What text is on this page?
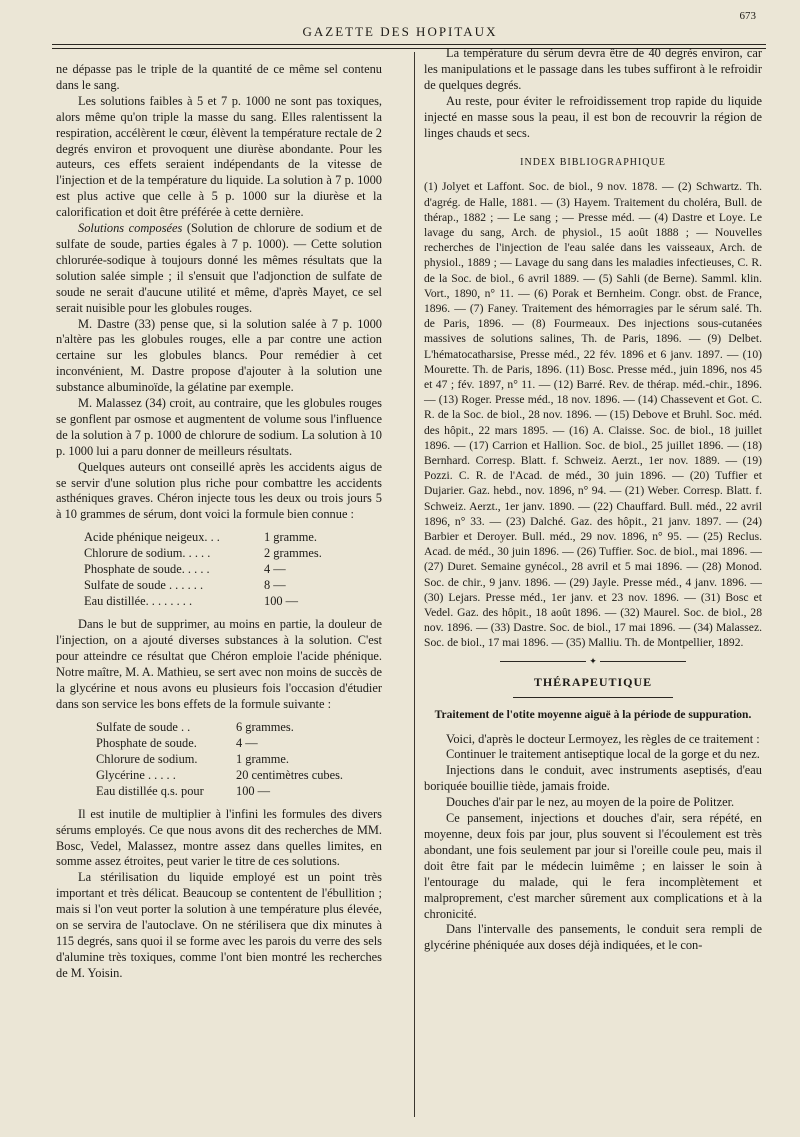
GAZETTE DES HOPITAUX
673

ne dépasse pas le triple de la quantité de ce même sel contenu dans le sang.

Les solutions faibles à 5 et 7 p. 1000 ne sont pas toxiques, alors même qu'on triple la masse du sang. Elles ralentissent la respiration, accélèrent le cœur, élèvent la température rectale de 2 degrés environ et provoquent une diurèse abondante. Pour les auteurs, ces effets seraient indépendants de la vitesse de l'injection et de la température du liquide. La solution à 7 p. 1000 est plus active que celle à 5 p. 1000 sur la diurèse et la calorification et doit être préférée à cette dernière.

Solutions composées (Solution de chlorure de sodium et de sulfate de soude, parties égales à 7 p. 1000). — Cette solution chlorurée-sodique à toujours donné les mêmes résultats que la solution salée simple ; il s'ensuit que l'adjonction de sulfate de soude ne serait d'aucune utilité et même, d'après Mayet, ce sel serait nuisible pour les globules rouges.

M. Dastre (33) pense que, si la solution salée à 7 p. 1000 n'altère pas les globules rouges, elle a par contre une action certaine sur les globules blancs. Pour remédier à cet inconvénient, M. Dastre propose d'ajouter à la solution une substance albuminoïde, la gélatine par exemple.

M. Malassez (34) croit, au contraire, que les globules rouges se gonflent par osmose et augmentent de volume sous l'influence de la solution à 7 p. 1000 de chlorure de sodium. La solution à 10 p. 1000 lui a paru donner de meilleurs résultats.

Quelques auteurs ont conseillé après les accidents aigus de se servir d'une solution plus riche pour combattre les accidents asthéniques graves. Chéron injecte tous les deux ou trois jours 5 à 10 grammes de sérum, dont voici la formule bien connue :

Acide phénique neigeux. . .	1 gramme.
Chlorure de sodium. . . . .	2 grammes.
Phosphate de soude. . . . .	4 —
Sulfate de soude . . . . . .	8 —
Eau distillée. . . . . . . .	100 —

Dans le but de supprimer, au moins en partie, la douleur de l'injection, on a ajouté diverses substances à la solution. C'est pour atteindre ce résultat que Chéron emploie l'acide phénique. Notre maître, M. A. Mathieu, se sert avec non moins de succès de la glycérine et nous avons eu plusieurs fois l'occasion d'étudier dans son service les bons effets de la formule suivante :

Sulfate de soude . .	6 grammes.
Phosphate de soude.	4 —
Chlorure de sodium.	1 gramme.
Glycérine . . . . .	20 centimètres cubes.
Eau distillée q.s. pour	100 —

Il est inutile de multiplier à l'infini les formules des divers sérums employés. Ce que nous avons dit des recherches de MM. Bosc, Vedel, Malassez, montre assez dans quelles limites, en somme assez étroites, peut varier le titre de ces solutions.

La stérilisation du liquide employé est un point très important et très délicat. Beaucoup se contentent de l'ébullition ; mais si l'on veut porter la solution à une température plus élevée, on se servira de l'autoclave. On ne stérilisera que dix minutes à 115 degrés, sans quoi il se forme avec les parois du verre des sels d'alumine très toxiques, comme l'ont bien montré les recherches de M. Yoisin.

La température du sérum devra être de 40 degrés environ, car les manipulations et le passage dans les tubes suffiront à le refroidir de quelques degrés.

Au reste, pour éviter le refroidissement trop rapide du liquide injecté en masse sous la peau, il est bon de recouvrir la région de linges chauds et secs.

INDEX BIBLIOGRAPHIQUE

(1) Jolyet et Laffont. Soc. de biol., 9 nov. 1878. — (2) Schwartz. Th. d'agrég. de Halle, 1881. — (3) Hayem. Traitement du choléra, Bull. de thérap., 1882 ; — Le sang ; — Presse méd. — (4) Dastre et Loye. Le lavage du sang, Arch. de physiol., 15 août 1888 ; — Nouvelles recherches de l'injection de l'eau salée dans les vaisseaux, Arch. de physiol., 1889 ; — Lavage du sang dans les maladies infectieuses, C. R. de la Soc. de biol., 6 avril 1889. — (5) Sahli (de Berne). Samml. klin. Vort., 1890, n° 11. — (6) Porak et Bernheim. Congr. obst. de France, 1896. — (7) Faney. Traitement des hémorragies par le sérum salé. Th. de Paris, 1896. — (8) Fourmeaux. Des injections sous-cutanées massives de solutions salines, Th. de Paris, 1896. — (9) Delbet. L'hématocatharsise, Presse méd., 22 fév. 1896 et 6 janv. 1897. — (10) Mourette. Th. de Paris, 1896. (11) Bosc. Presse méd., juin 1896, nos 45 et 47 ; fév. 1897, n° 11. — (12) Barré. Rev. de thérap. méd.-chir., 1896. — (13) Roger. Presse méd., 18 nov. 1896. — (14) Chassevent et Got. C. R. de la Soc. de biol., 28 nov. 1896. — (15) Debove et Bruhl. Soc. méd. des hôpit., 22 mars 1895. — (16) A. Claisse. Soc. de biol., 18 juillet 1896. — (17) Carrion et Hallion. Soc. de biol., 25 juillet 1896. — (18) Bernhard. Corresp. Blatt. f. Schweiz. Aerzt., 1er nov. 1889. — (19) Pozzi. C. R. de l'Acad. de méd., 30 juin 1896. — (20) Tuffier et Dujarier. Gaz. hebd., nov. 1896, n° 94. — (21) Weber. Corresp. Blatt. f. Schweiz. Aerzt., 1er janv. 1890. — (22) Chauffard. Bull. méd., 22 avril 1896, n° 33. — (23) Dalché. Gaz. des hôpit., 21 janv. 1897. — (24) Barbier et Deroyer. Bull. méd., 29 nov. 1896, n° 95. — (25) Reclus. Acad. de méd., 30 juin 1896. — (26) Tuffier. Soc. de biol., mai 1896. — (27) Duret. Semaine gynécol., 28 avril et 5 mai 1896. — (28) Monod. Soc. de chir., 9 janv. 1896. — (29) Jayle. Presse méd., 4 janv. 1896. — (30) Lejars. Presse méd., 1er janv. et 23 nov. 1896. — (31) Bosc et Vedel. Gaz. des hôpit., 18 août 1896. — (32) Maurel. Soc. de biol., 28 nov. 1896. — (33) Dastre. Soc. de biol., 17 mai 1896. — (34) Malassez. Soc. de biol., 17 mai 1896. — (35) Malliu. Th. de Montpellier, 1892.

✦
THÉRAPEUTIQUE
Traitement de l'otite moyenne aiguë à la période de suppuration.

Voici, d'après le docteur Lermoyez, les règles de ce traitement :

Continuer le traitement antiseptique local de la gorge et du nez.

Injections dans le conduit, avec instruments aseptisés, d'eau boriquée bouillie tiède, jamais froide.

Douches d'air par le nez, au moyen de la poire de Politzer.

Ce pansement, injections et douches d'air, sera répété, en moyenne, deux fois par jour, plus souvent si l'écoulement est très abondant, une fois seulement par jour si l'oreille coule peu, mais il doit être fait par le médecin luimême ; en laisser le soin à l'entourage du malade, qui le fera incomplètement et malproprement, c'est marcher sûrement aux complications et à la chronicité.

Dans l'intervalle des pansements, le conduit sera rempli de glycérine phéniquée aux doses déjà indiquées, et le con-
